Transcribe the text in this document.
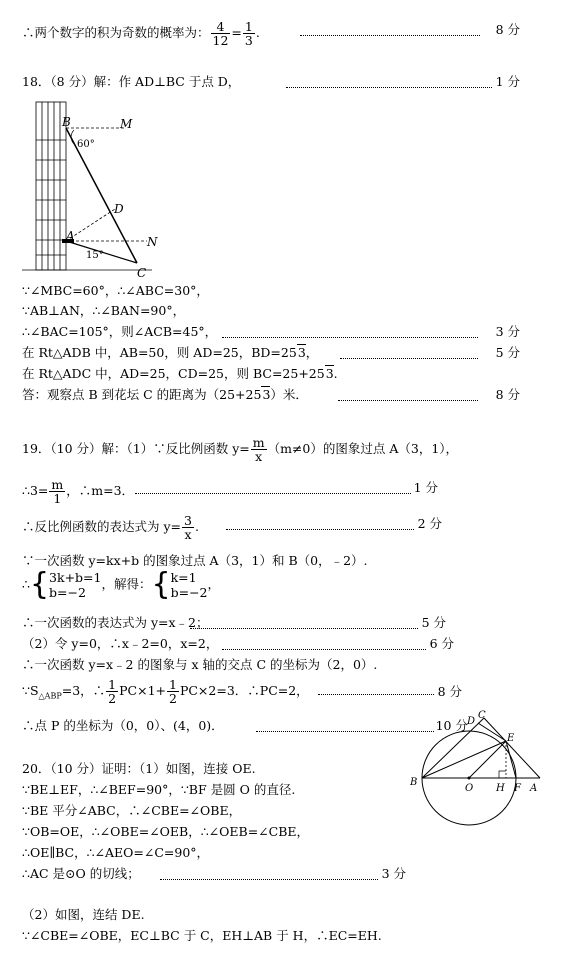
∴两个数字的积为奇数的概率为： $\frac{4}{12} = \frac{1}{3}$ .	8 分
18．（8 分）解：作 AD⊥BC 于点 D，	1 分
B	M
60°
D
A	N
15°
C
∵∠MBC=60°，∴∠ABC=30°，
∵AB⊥AN，∴∠BAN=90°，
∴∠BAC=105°，则∠ACB=45°，	3 分
在 Rt△ADB 中，AB=50，则 AD=25，BD=253，	5 分
在 Rt△ADC 中，AD=25，CD=25，则 BC=25+253.
答：观察点 B 到花坛 C 的距离为（25+253）米．	8 分
19．（10 分）解：（1）∵反比例函数 $y= \frac{m}{x} (m\ne 0)$的图象过点 A（3，1），
∴3= $\frac{m}{1}$ ，∴m=3．	1 分
∴反比例函数的表达式为 $y= \frac{3}{x}$ .	2 分
∵一次函数 y=kx+b 的图象过点 A（3，1）和 B（0，﹣2）.
∴{ 3k+b=1
b=−2
，解得：{ k=1
b=−2
，
∴一次函数的表达式为 y=x﹣2；	5 分
（2）令 y=0，∴x﹣2=0，x=2，	6 分
∴一次函数 y=x﹣2 的图象与 x 轴的交点 C 的坐标为（2，0）.
$\because S_{\triangle ABP}=3$，∴ $\frac{1}{2} PC\times 1+ \frac{1}{2} PC\times 2=3$．∴PC=2，	8 分
∴点 P 的坐标为（0，0）、(4，0)．	10 分
C
D
E
B
O H F A
20．（10 分）证明：（1）如图，连接 OE.
∵BE⊥EF，∴∠BEF=90°，∵BF 是圆 O 的直径.
∵BE 平分∠ABC，∴∠CBE=∠OBE，
∵OB=OE，∴∠OBE=∠OEB，∴∠OEB=∠CBE，
∴OE∥BC，∴∠AEO=∠C=90°，
∴AC 是⊙O 的切线；	3 分
（2）如图，连结 DE.
∵∠CBE=∠OBE，EC⊥BC 于 C，EH⊥AB 于 H，∴EC=EH.
